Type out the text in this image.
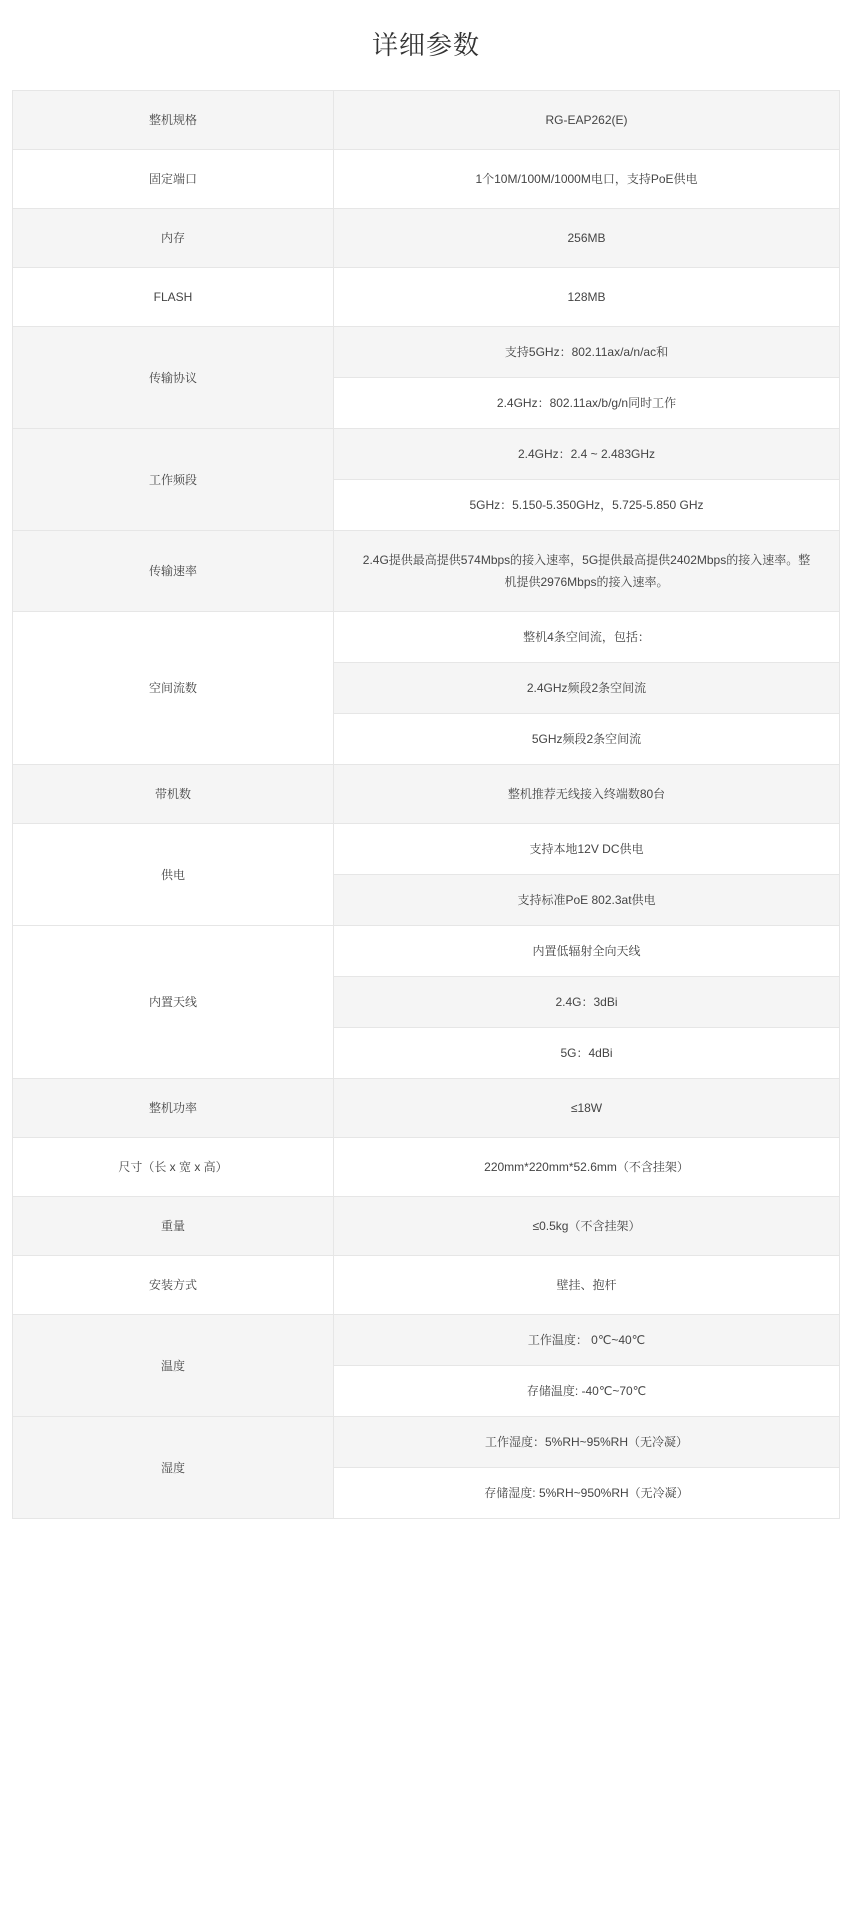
详细参数
整机规格	RG-EAP262(E)
固定端口	1个10M/100M/1000M电口，支持PoE供电
内存	256MB
FLASH	128MB
传输协议	支持5GHz：802.11ax/a/n/ac和
	2.4GHz：802.11ax/b/g/n同时工作
工作频段	2.4GHz：2.4 ~ 2.483GHz
	5GHz：5.150-5.350GHz，5.725-5.850 GHz
传输速率	2.4G提供最高提供574Mbps的接入速率，5G提供最高提供2402Mbps的接入速率。整机提供2976Mbps的接入速率。
空间流数	整机4条空间流，包括：
	2.4GHz频段2条空间流
	5GHz频段2条空间流
带机数	整机推荐无线接入终端数80台
供电	支持本地12V DC供电
	支持标准PoE 802.3at供电
内置天线	内置低辐射全向天线
	2.4G：3dBi
	5G：4dBi
整机功率	≤18W
尺寸（长 x 宽 x 高）	220mm*220mm*52.6mm（不含挂架）
重量	≤0.5kg（不含挂架）
安装方式	壁挂、抱杆
温度	工作温度： 0℃~40℃
	存储温度: -40℃~70℃
湿度	工作湿度：5%RH~95%RH（无冷凝）
	存储湿度: 5%RH~950%RH（无冷凝）
